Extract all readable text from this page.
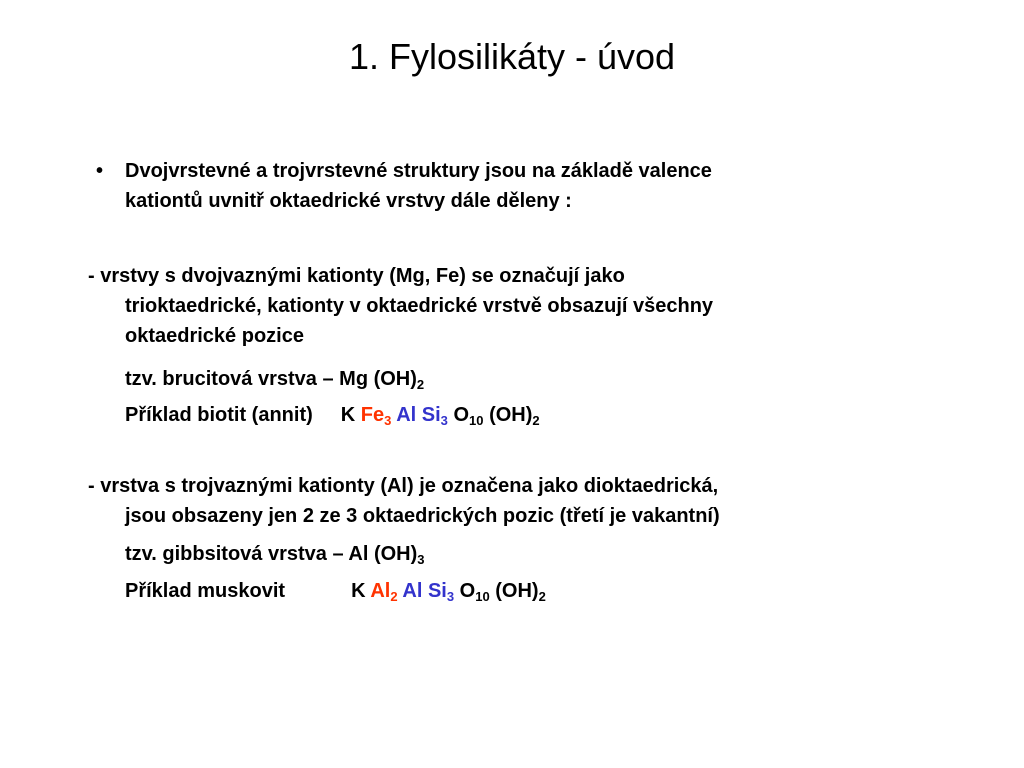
1. Fylosilikáty - úvod
• Dvojvrstevné a trojvrstevné struktury jsou na základě valence
kationtů uvnitř oktaedrické vrstvy dále děleny :
- vrstvy s dvojvaznými kationty (Mg, Fe) se označují jako
trioktaedrické, kationty v oktaedrické vrstvě obsazují všechny
oktaedrické pozice
tzv. brucitová vrstva – Mg $(OH)_2$
Příklad biotit (annit) K $Fe_3$ Al $Si_3$ $O_{10}$ $(OH)_2$
- vrstva s trojvaznými kationty (Al) je označena jako dioktaedrická,
jsou obsazeny jen 2 ze 3 oktaedrických pozic (třetí je vakantní)
tzv. gibbsitová vrstva – Al $(OH)_3$
Příklad muskovit	K $Al_2$ Al $Si_3$ $O_{10}$ $(OH)_2$
